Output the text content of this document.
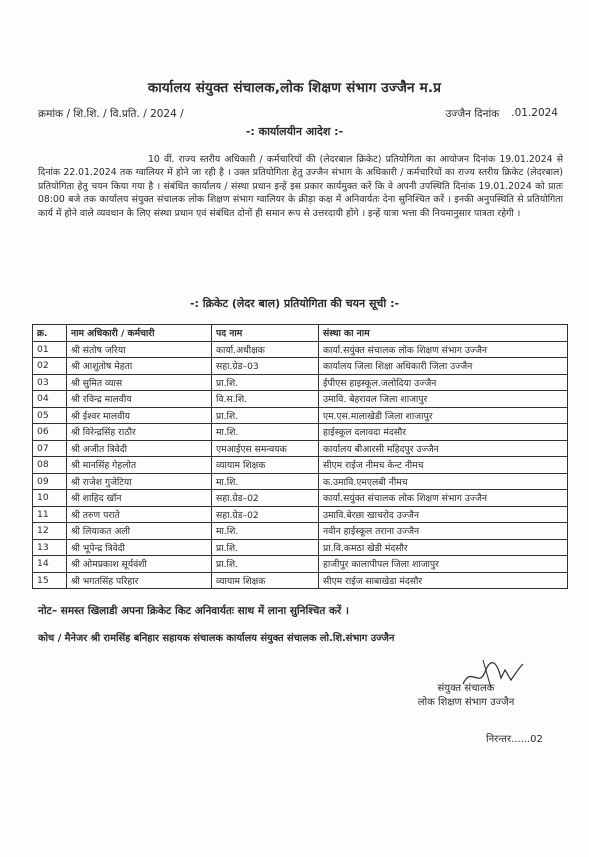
कार्यालय संयुक्त संचालक,लोक शिक्षण संभाग उज्जैन म.प्र
क्रमांक / शि.शि. / वि.प्रति. / 2024 /	उज्जैन दिनांक .01.2024
-: कार्यालयीन आदेश :-

10 वीं. राज्य स्तरीय अधिकारी / कर्मचारियों की (लेदरबाल क्रिकेट) प्रतियोगिता का आयोजन दिनांक 19.01.2024 से दिनांक 22.01.2024 तक ग्वालियर में होने जा रही है । उक्त प्रतियोगिता हेतु उज्जैन संभाग के अधिकारी / कर्मचारियों का राज्य स्तरीय क्रिकेट (लेदरबाल) प्रतियोगिता हेतु चयन किया गया है । संबंधित कार्यालय / संस्था प्रधान इन्हें इस प्रकार कार्यमुक्त करें कि वे अपनी उपस्थिति दिनांक 19.01.2024 को प्रातः 08:00 बजे तक कार्यालय संयुक्त संचालक लोक शिक्षण संभाग ग्वालियर के क्रीड़ा कक्ष में अनिवार्यतः देना सुनिश्चित करें । इनकी अनुपस्थिति से प्रतियोगिता कार्य में होने वाले व्यवधान के लिए संस्था प्रधान एवं संबंधित दोनों ही समान रूप से उत्तरदायी होंगे । इन्हें यात्रा भत्ता की नियमानुसार पात्रता रहेगी ।

-: क्रिकेट (लेदर बाल) प्रतियोगिता की चयन सूची :-
क्र.	नाम अधिकारी / कर्मचारी	पद नाम	संस्था का नाम
01	श्री संतोष जरिया	कार्या.अधीक्षक	कार्या.सयुंक्त संचालक लोक शिक्षण संभाग उज्जैन
02	श्री आशुतोष मेहता	सहा.ग्रेड–03	कार्यालय जिला शिक्षा अधिकारी जिला उज्जैन
03	श्री सुमित व्यास	प्रा.शि.	ईपीएस हाइस्कूल.जलोदिया उज्जैन
04	श्री रविन्द्र मालवीय	वि.स.शि.	उमावि. बेहरावल जिला शाजापुर
05	श्री ईश्वर मालवीय	प्रा.शि.	एम.एस.मालाखेडी जिला शाजापुर
06	श्री विरेन्द्रसिंह राठौर	मा.शि.	हाईस्कूल दलावदा मंदसौर
07	श्री अजीत त्रिवेदी	एमआईएस समन्वयक	कार्यालय बीआरसी महिदपुर उज्जैन
08	श्री मानसिंह गेहलोत	व्यायाम शिक्षक	सीएम राईज नीमच केन्ट नीमच
09	श्री राजेश गुजेटिया	मा.शि.	क.उमावि.एमएलबी नीमच
10	श्री शाहिद खॉन	सहा.ग्रेड–02	कार्या.सयुंक्त संचालक लोक शिक्षण संभाग उज्जैन
11	श्री तरुण पराते	सहा.ग्रेड–02	उमावि.बेरछा खाचरोद उज्जैन
12	श्री लियाकत अली	मा.शि.	नवीन हाईस्कूल तराना उज्जैन
13	श्री भूपेन्द्र त्रिवेदी	प्रा.शि.	प्रा.वि.कमठा खेडी मंदसौर
14	श्री ओमप्रकाश सूर्यवंशी	प्रा.शि.	हाजीपुर कालापीपल जिला शाजापुर
15	श्री भगतसिंह परिहार	व्यायाम शिक्षक	सीएम राईज साबाखेडा मंदसौर
नोट– समस्त खिलाडी अपना क्रिकेट किट अनिवार्यतः साथ में लाना सुनिश्चित करें ।
कोच / मैनेजर श्री रामसिंह बनिहार सहायक संचालक कार्यालय संयुक्त संचालक लो.शि.संभाग उज्जैन
संयुक्त संचालक
लोक शिक्षण संभाग उज्जैन
निरन्तर......02
